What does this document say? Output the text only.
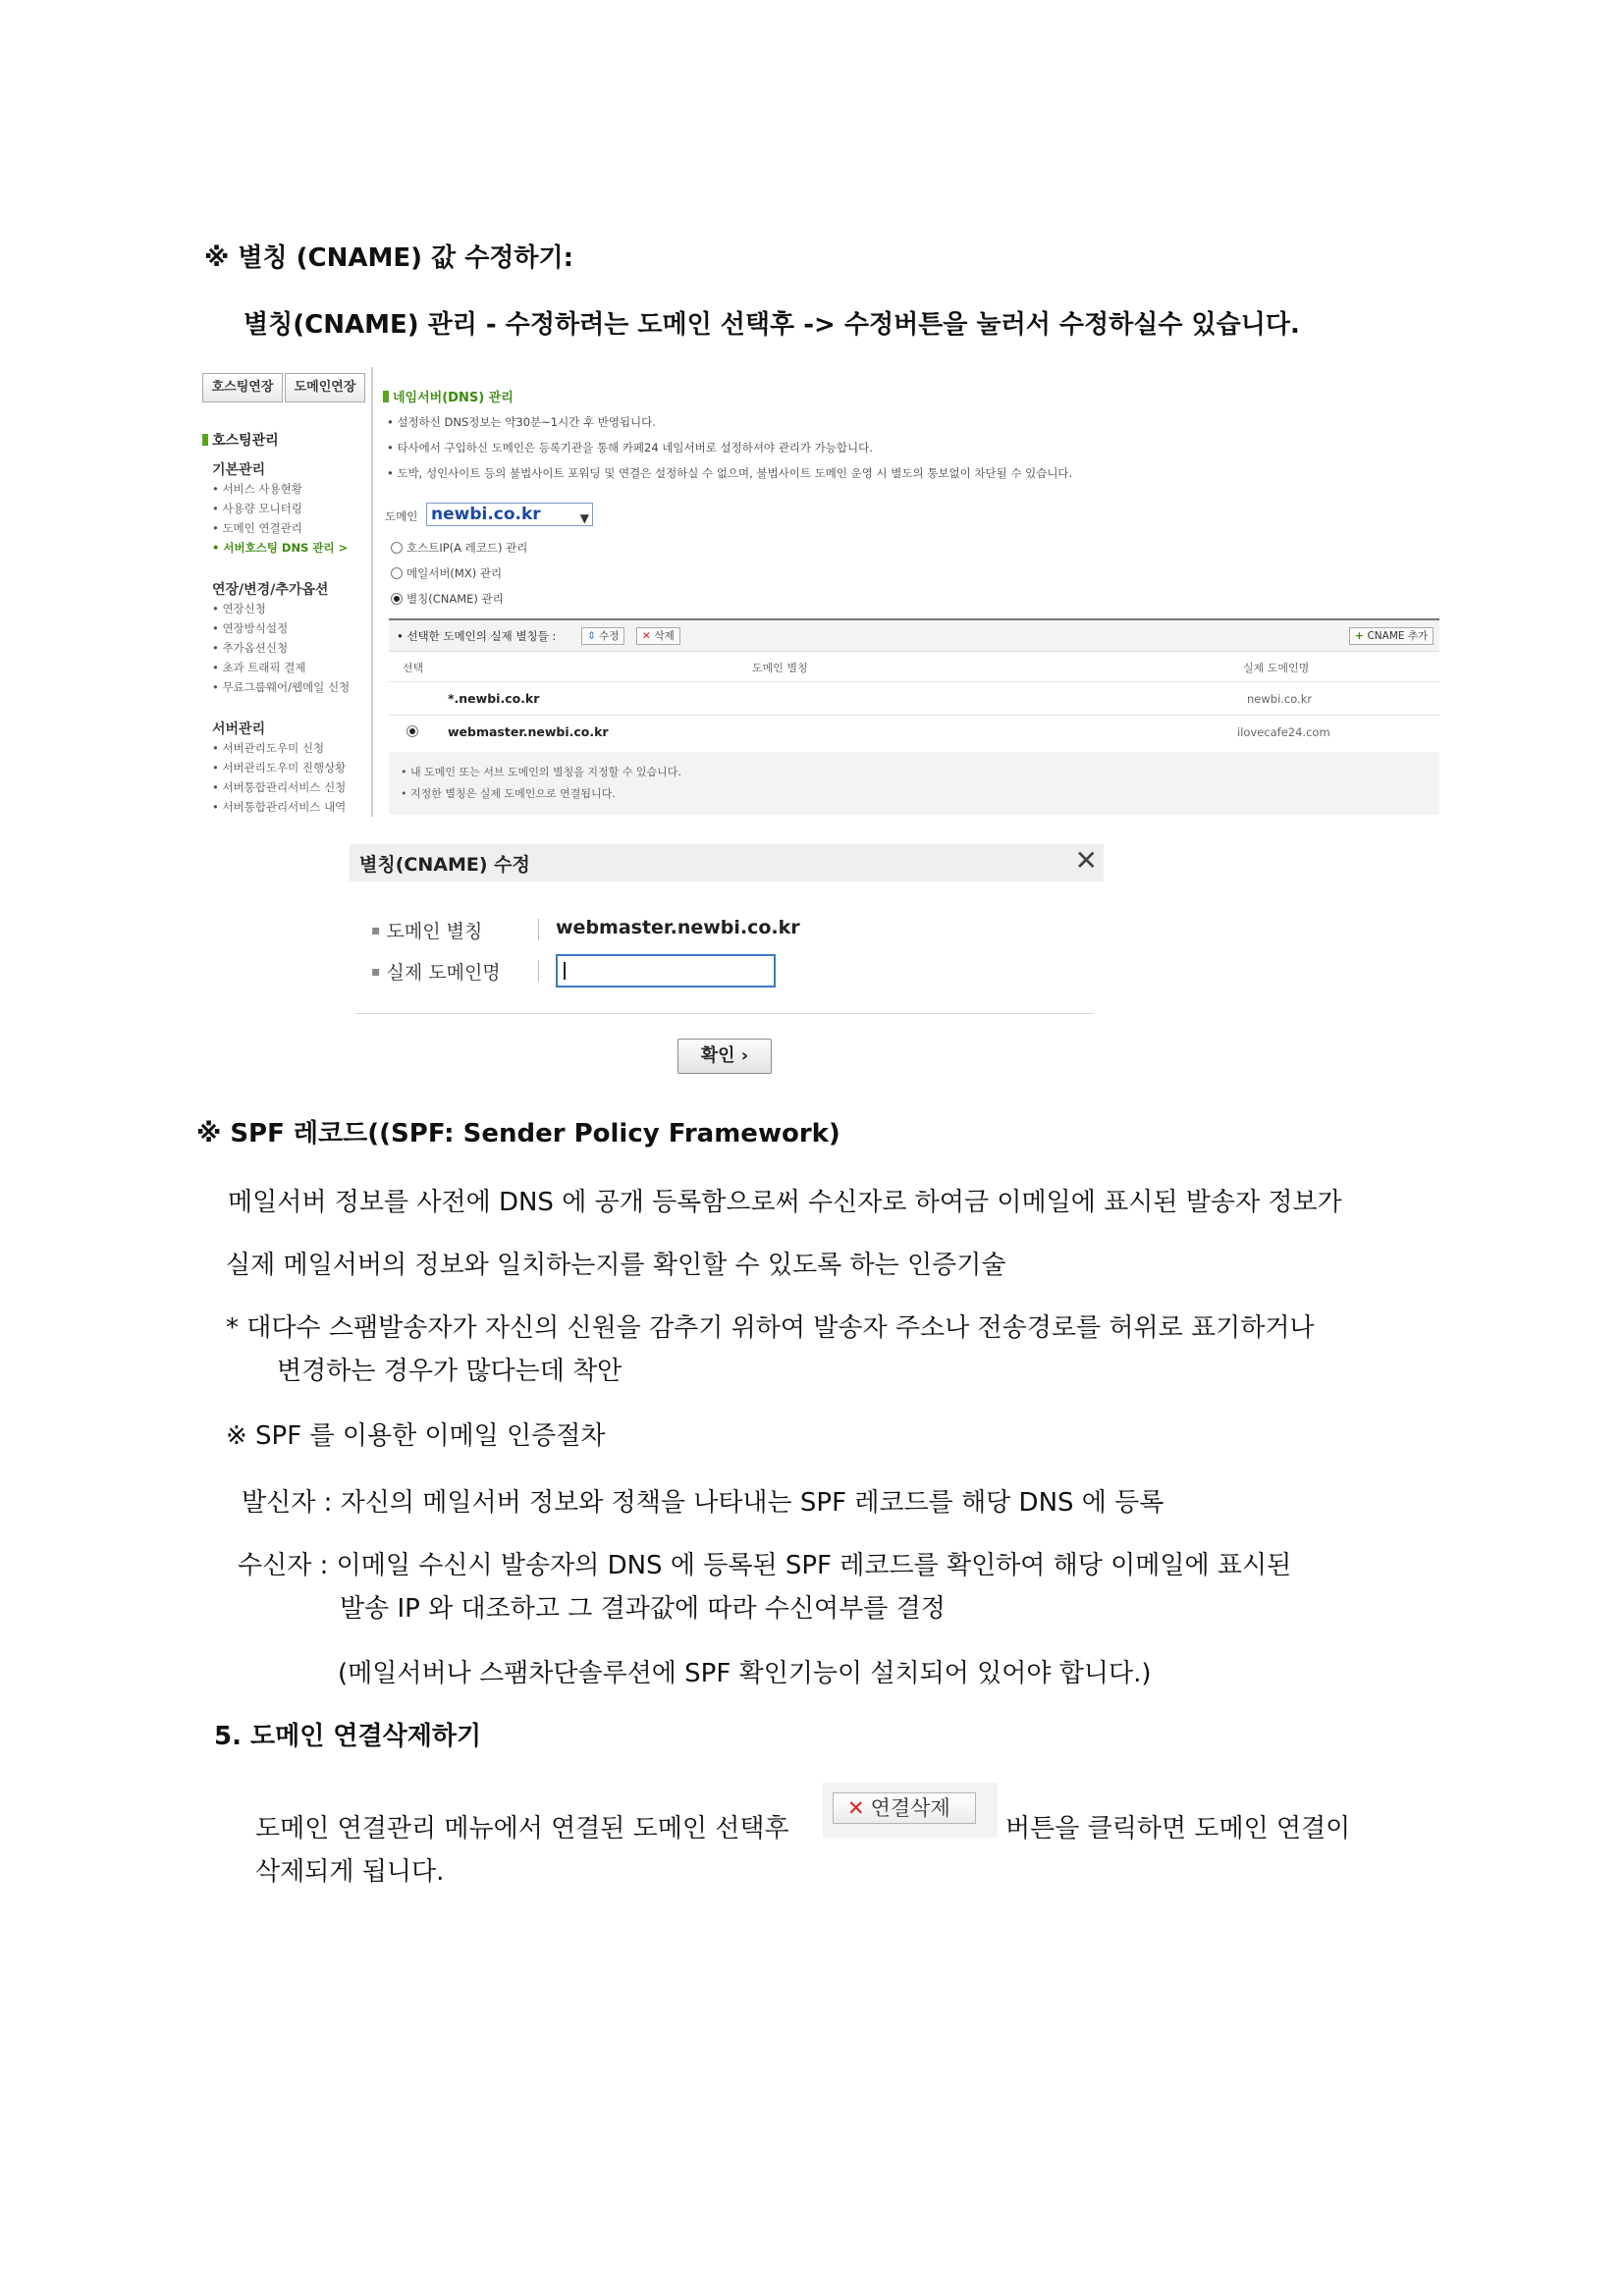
※ 별칭 (CNAME) 값 수정하기:
별칭(CNAME) 관리 - 수정하려는 도메인 선택후 -> 수정버튼을 눌러서 수정하실수 있습니다.
호스팅연장	도메인연장
호스팅관리
기본관리
• 서비스 사용현황
• 사용량 모니터링
• 도메인 연결관리
• 서버호스팅 DNS 관리 >
연장/변경/추가옵션
• 연장신청
• 연장방식설정
• 추가옵션신청
• 초과 트래픽 결제
• 무료그룹웨어/웹메일 신청
서버관리
• 서버관리도우미 신청
• 서버관리도우미 진행상황
• 서버통합관리서비스 신청
• 서버통합관리서비스 내역
네임서버(DNS) 관리
• 설정하신 DNS정보는 약30분~1시간 후 반영됩니다.
• 타사에서 구입하신 도메인은 등록기관을 통해 카페24 네임서버로 설정하셔야 관리가 가능합니다.
• 도박, 성인사이트 등의 불법사이트 포워딩 및 연결은 설정하실 수 없으며, 불법사이트 도메인 운영 시 별도의 통보없이 차단될 수 있습니다.
도메인 newbi.co.kr	▼
호스트IP(A 레코드) 관리
메일서버(MX) 관리
별칭(CNAME) 관리
• 선택한 도메인의 실제 별칭들 :	⇕ 수정	✕ 삭제	+ CNAME 추가
선택	도메인 별칭	실제 도메인명
*.newbi.co.kr	newbi.co.kr
webmaster.newbi.co.kr	ilovecafe24.com
• 내 도메인 또는 서브 도메인의 별칭을 지정할 수 있습니다.
• 지정한 별칭은 실제 도메인으로 연결됩니다.
별칭(CNAME) 수정	✕
▪ 도메인 별칭	webmaster.newbi.co.kr
▪ 실제 도메인명
확인 ›
※ SPF 레코드((SPF: Sender Policy Framework)
메일서버 정보를 사전에 DNS 에 공개 등록함으로써 수신자로 하여금 이메일에 표시된 발송자 정보가
실제 메일서버의 정보와 일치하는지를 확인할 수 있도록 하는 인증기술
* 대다수 스팸발송자가 자신의 신원을 감추기 위하여 발송자 주소나 전송경로를 허위로 표기하거나
변경하는 경우가 많다는데 착안
※ SPF 를 이용한 이메일 인증절차
발신자 : 자신의 메일서버 정보와 정책을 나타내는 SPF 레코드를 해당 DNS 에 등록
수신자 : 이메일 수신시 발송자의 DNS 에 등록된 SPF 레코드를 확인하여 해당 이메일에 표시된
발송 IP 와 대조하고 그 결과값에 따라 수신여부를 결정
(메일서버나 스팸차단솔루션에 SPF 확인기능이 설치되어 있어야 합니다.)
5. 도메인 연결삭제하기
도메인 연결관리 메뉴에서 연결된 도메인 선택후
✕ 연결삭제
버튼을 클릭하면 도메인 연결이
삭제되게 됩니다.
